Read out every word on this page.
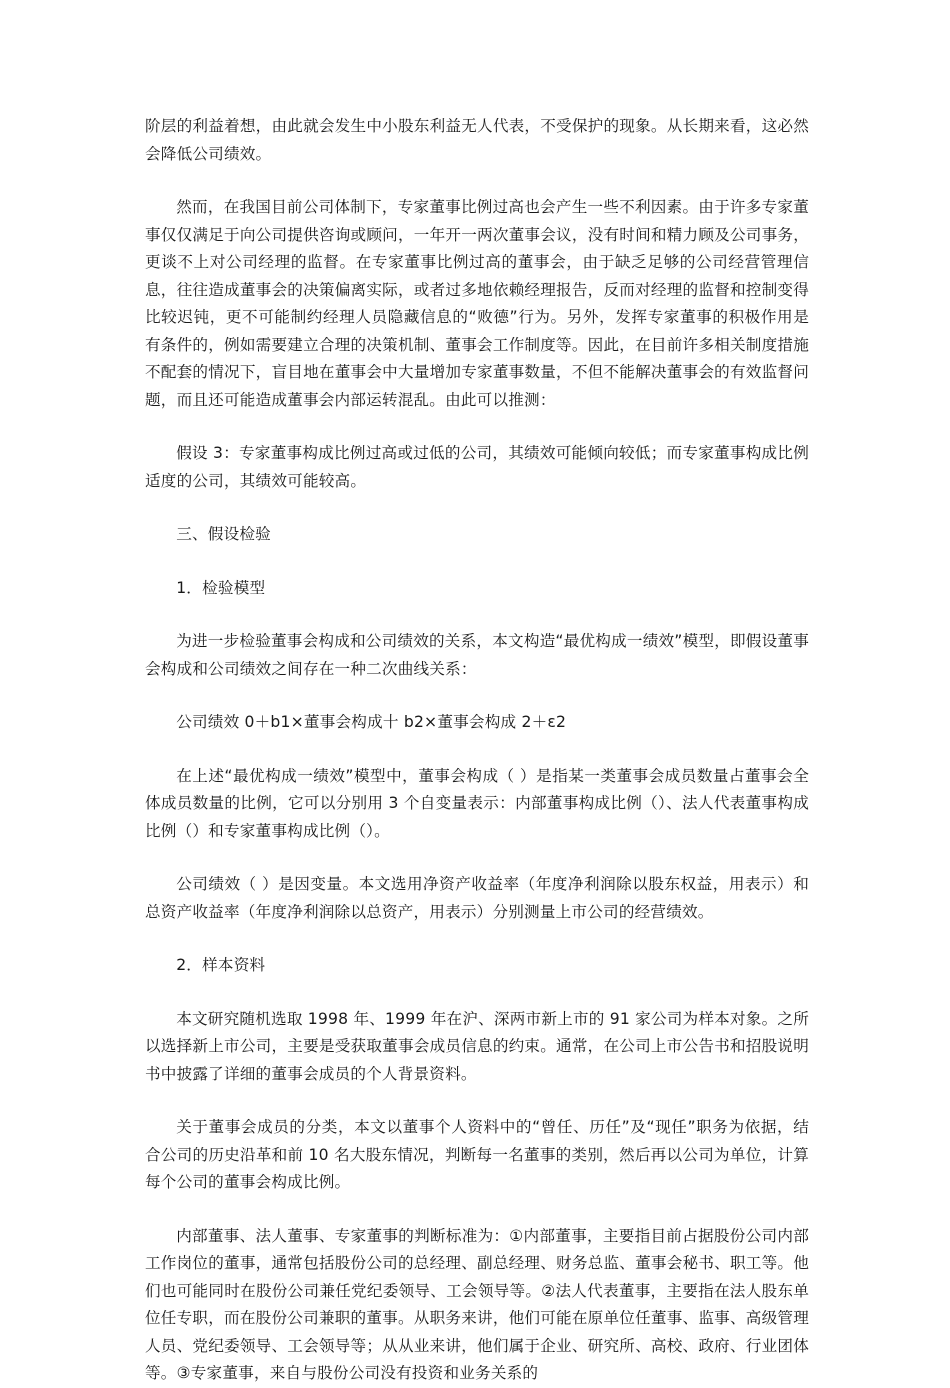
阶层的利益着想，由此就会发生中小股东利益无人代表，不受保护的现象。从长期来看，这必然会降低公司绩效。

然而，在我国目前公司体制下，专家董事比例过高也会产生一些不利因素。由于许多专家董事仅仅满足于向公司提供咨询或顾问，一年开一两次董事会议，没有时间和精力顾及公司事务，更谈不上对公司经理的监督。在专家董事比例过高的董事会，由于缺乏足够的公司经营管理信息，往往造成董事会的决策偏离实际，或者过多地依赖经理报告，反而对经理的监督和控制变得比较迟钝，更不可能制约经理人员隐藏信息的“败德”行为。另外，发挥专家董事的积极作用是有条件的，例如需要建立合理的决策机制、董事会工作制度等。因此，在目前许多相关制度措施不配套的情况下，盲目地在董事会中大量增加专家董事数量，不但不能解决董事会的有效监督问题，而且还可能造成董事会内部运转混乱。由此可以推测：

假设 3：专家董事构成比例过高或过低的公司，其绩效可能倾向较低；而专家董事构成比例适度的公司，其绩效可能较高。

三、假设检验

1．检验模型

为进一步检验董事会构成和公司绩效的关系，本文构造“最优构成一绩效”模型，即假设董事会构成和公司绩效之间存在一种二次曲线关系：

公司绩效 0＋b1×董事会构成十 b2×董事会构成 2＋ε2

在上述“最优构成一绩效”模型中，董事会构成（ ）是指某一类董事会成员数量占董事会全体成员数量的比例，它可以分别用 3 个自变量表示：内部董事构成比例（）、法人代表董事构成比例（）和专家董事构成比例（）。

公司绩效（ ）是因变量。本文选用净资产收益率（年度净利润除以股东权益，用表示）和总资产收益率（年度净利润除以总资产，用表示）分别测量上市公司的经营绩效。

2．样本资料

本文研究随机选取 1998 年、1999 年在沪、深两市新上市的 91 家公司为样本对象。之所以选择新上市公司，主要是受获取董事会成员信息的约束。通常，在公司上市公告书和招股说明书中披露了详细的董事会成员的个人背景资料。

关于董事会成员的分类，本文以董事个人资料中的“曾任、历任”及“现任”职务为依据，结合公司的历史沿革和前 10 名大股东情况，判断每一名董事的类别，然后再以公司为单位，计算每个公司的董事会构成比例。

内部董事、法人董事、专家董事的判断标准为：①内部董事，主要指目前占据股份公司内部工作岗位的董事，通常包括股份公司的总经理、副总经理、财务总监、董事会秘书、职工等。他们也可能同时在股份公司兼任党纪委领导、工会领导等。②法人代表董事，主要指在法人股东单位任专职，而在股份公司兼职的董事。从职务来讲，他们可能在原单位任董事、监事、高级管理人员、党纪委领导、工会领导等；从从业来讲，他们属于企业、研究所、高校、政府、行业团体等。③专家董事，来自与股份公司没有投资和业务关系的
